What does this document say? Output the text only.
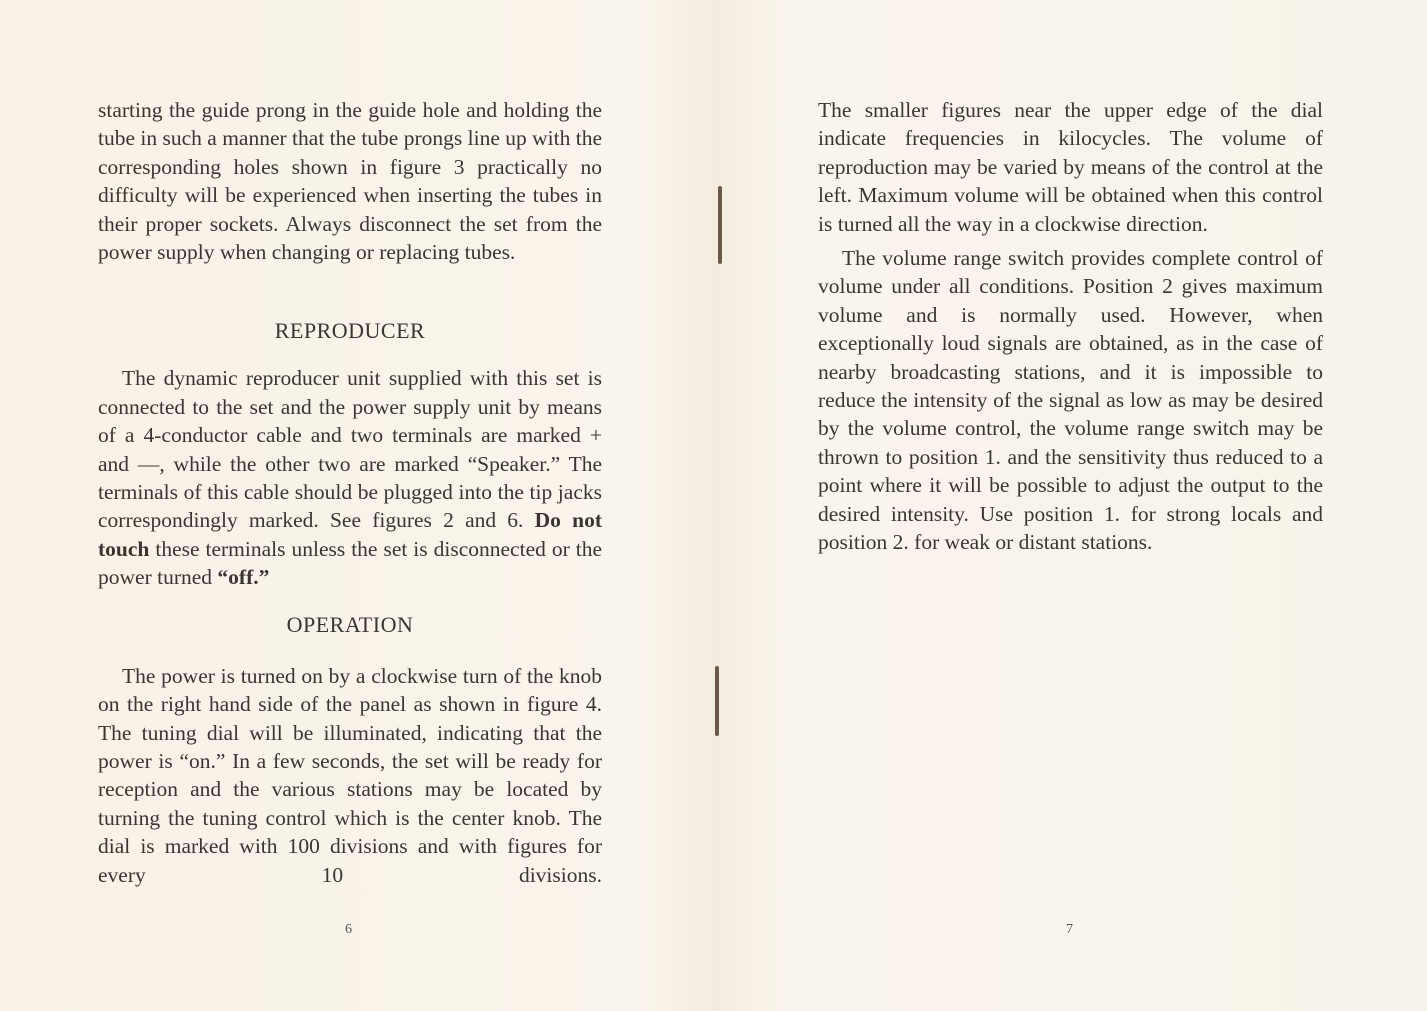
starting the guide prong in the guide hole and holding the tube in such a manner that the tube prongs line up with the corresponding holes shown in figure 3 practically no difficulty will be experienced when inserting the tubes in their proper sockets. Always disconnect the set from the power supply when changing or replacing tubes.

REPRODUCER

The dynamic reproducer unit supplied with this set is connected to the set and the power supply unit by means of a 4-conductor cable and two terminals are marked + and —, while the other two are marked “Speaker.” The terminals of this cable should be plugged into the tip jacks correspondingly marked. See figures 2 and 6. Do not touch these terminals unless the set is disconnected or the power turned “off.”

OPERATION

The power is turned on by a clockwise turn of the knob on the right hand side of the panel as shown in figure 4. The tuning dial will be illuminated, indicating that the power is “on.” In a few seconds, the set will be ready for reception and the various stations may be located by turning the tuning control which is the center knob. The dial is marked with 100 divisions and with figures for every 10 divisions.

6

The smaller figures near the upper edge of the dial indicate frequencies in kilocycles. The volume of reproduction may be varied by means of the control at the left. Maximum volume will be obtained when this control is turned all the way in a clockwise direction.

The volume range switch provides complete control of volume under all conditions. Position 2 gives maximum volume and is normally used. However, when exceptionally loud signals are obtained, as in the case of nearby broadcasting stations, and it is impossible to reduce the intensity of the signal as low as may be desired by the volume control, the volume range switch may be thrown to position 1. and the sensitivity thus reduced to a point where it will be possible to adjust the output to the desired intensity. Use position 1. for strong locals and position 2. for weak or distant stations.

7
